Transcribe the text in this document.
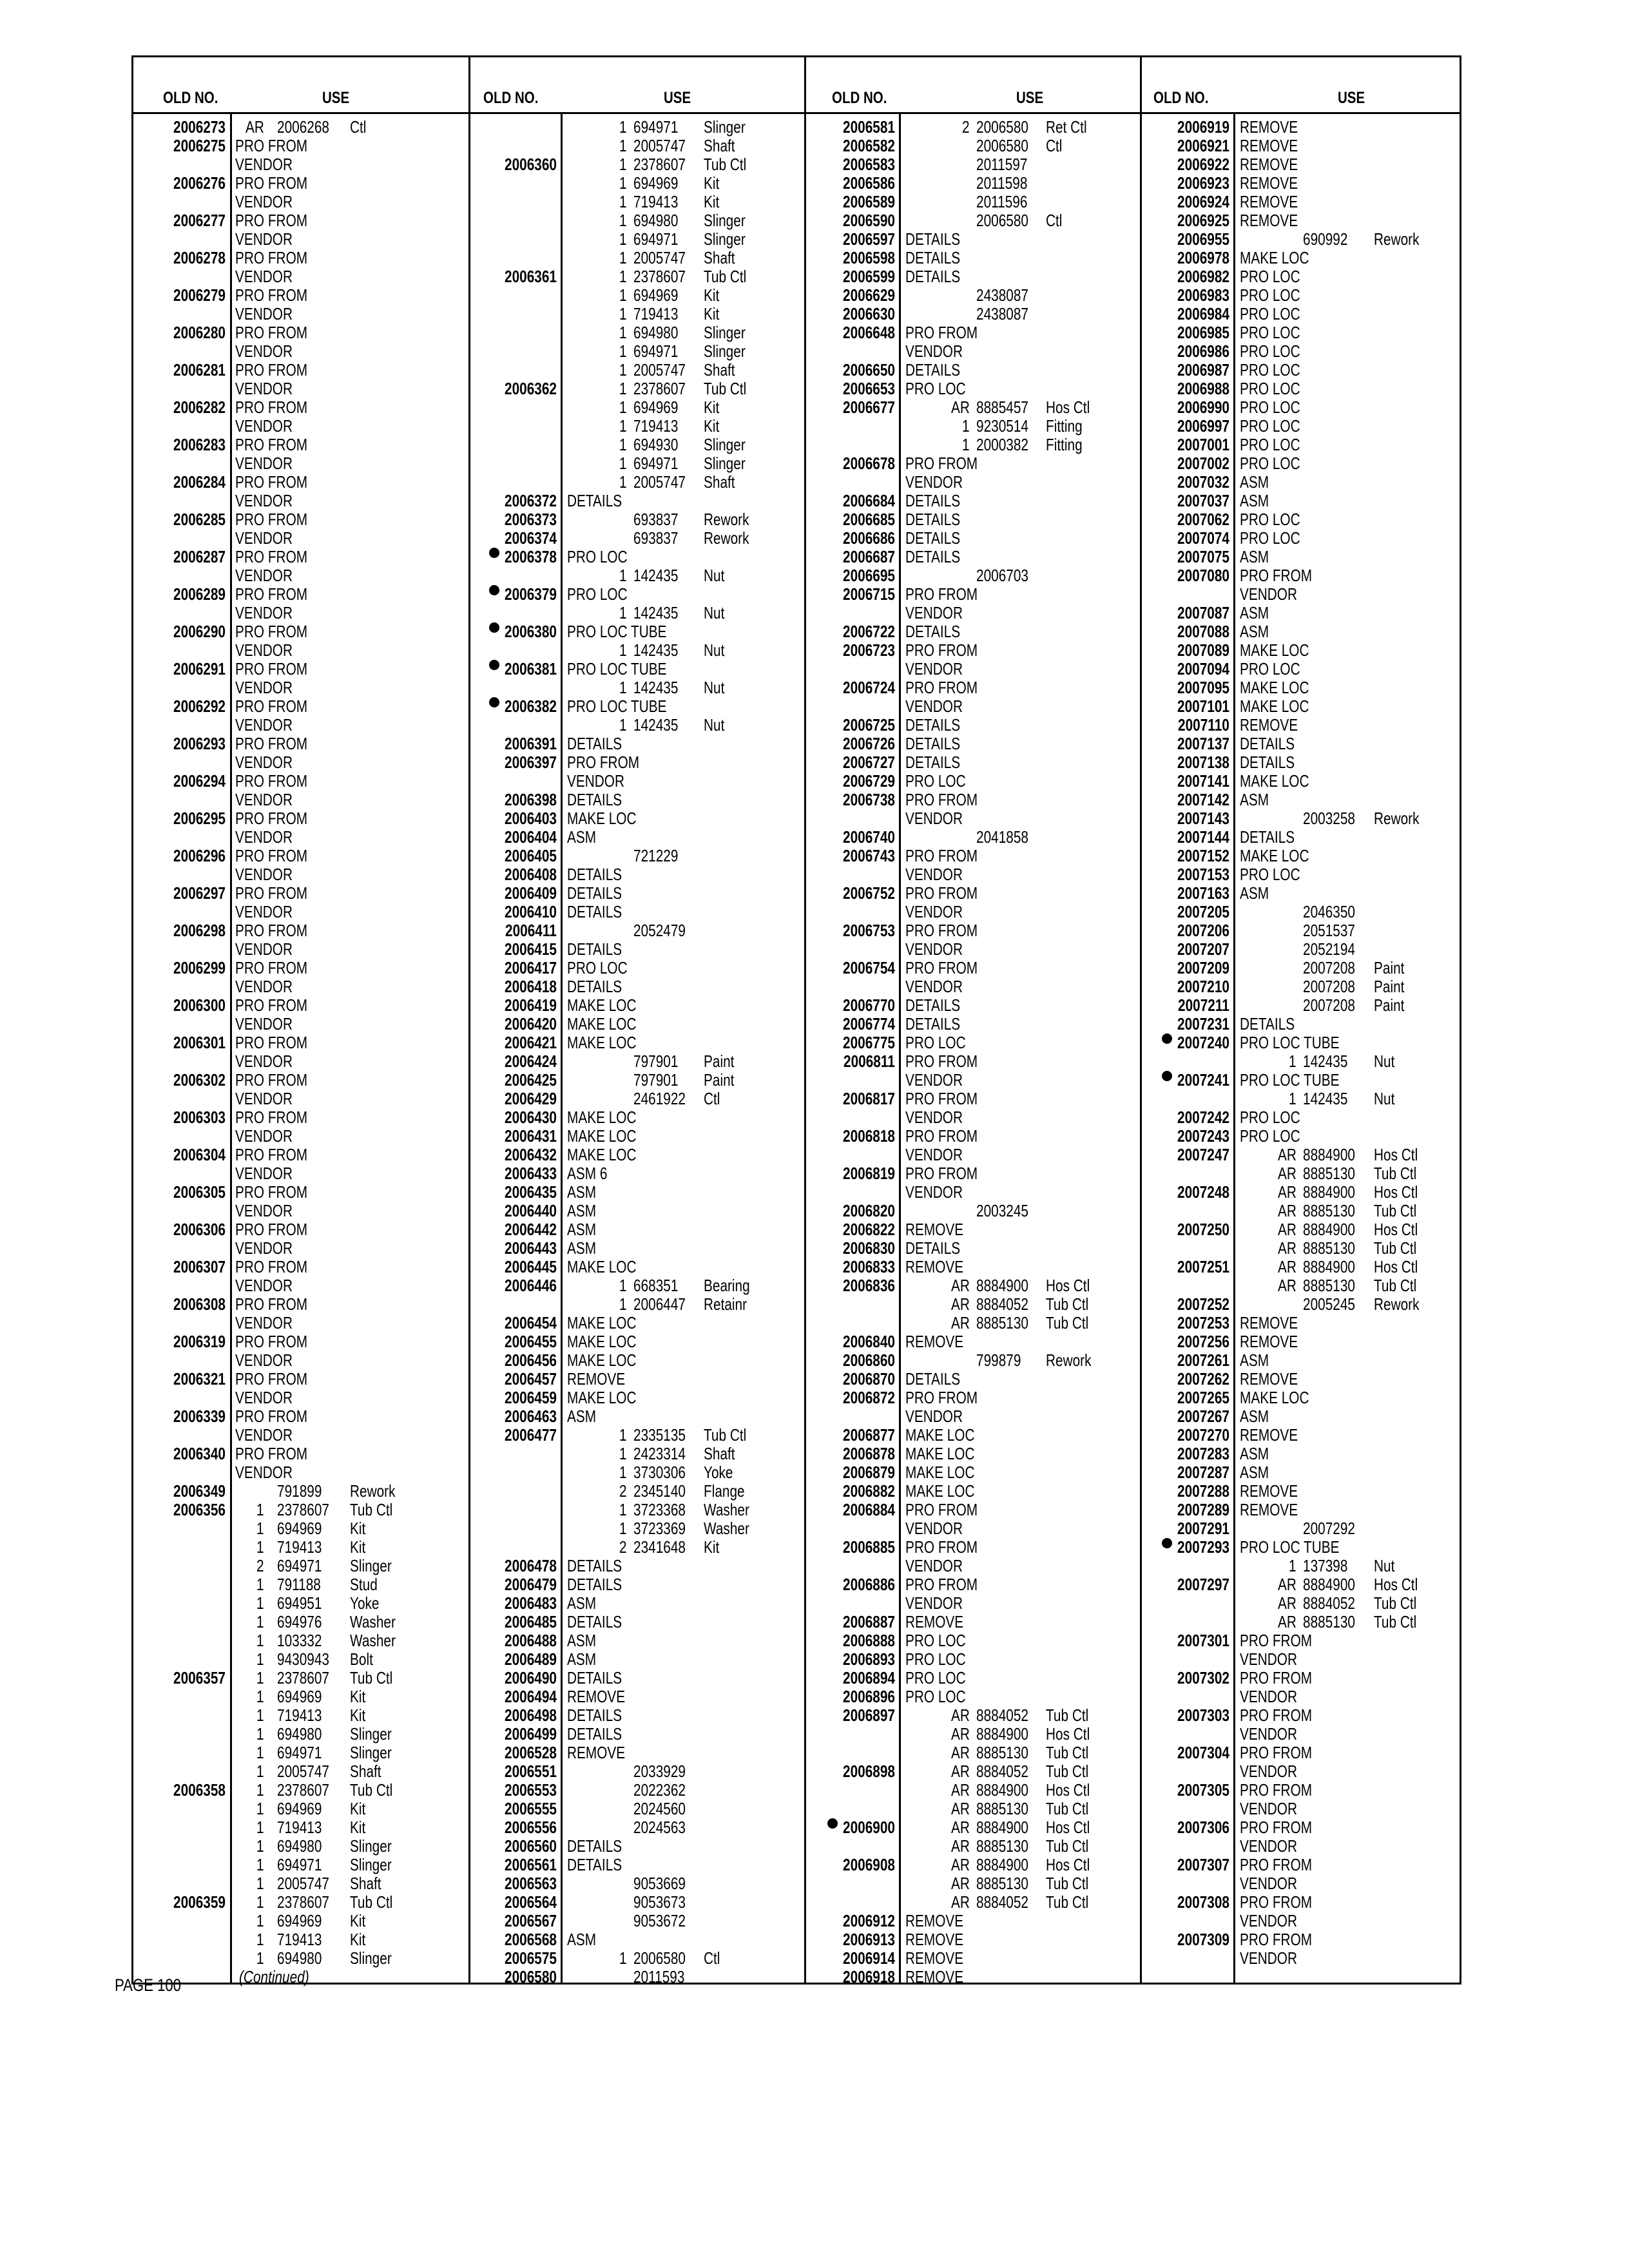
OLD NO.	USE
2006273 AR 2006268 Ctl
2006275 PRO FROM
VENDOR
2006276 PRO FROM
VENDOR
2006277 PRO FROM
VENDOR
2006278 PRO FROM
VENDOR
2006279 PRO FROM
VENDOR
2006280 PRO FROM
VENDOR
2006281 PRO FROM
VENDOR
2006282 PRO FROM
VENDOR
2006283 PRO FROM
VENDOR
2006284 PRO FROM
VENDOR
2006285 PRO FROM
VENDOR
2006287 PRO FROM
VENDOR
2006289 PRO FROM
VENDOR
2006290 PRO FROM
VENDOR
2006291 PRO FROM
VENDOR
2006292 PRO FROM
VENDOR
2006293 PRO FROM
VENDOR
2006294 PRO FROM
VENDOR
2006295 PRO FROM
VENDOR
2006296 PRO FROM
VENDOR
2006297 PRO FROM
VENDOR
2006298 PRO FROM
VENDOR
2006299 PRO FROM
VENDOR
2006300 PRO FROM
VENDOR
2006301 PRO FROM
VENDOR
2006302 PRO FROM
VENDOR
2006303 PRO FROM
VENDOR
2006304 PRO FROM
VENDOR
2006305 PRO FROM
VENDOR
2006306 PRO FROM
VENDOR
2006307 PRO FROM
VENDOR
2006308 PRO FROM
VENDOR
2006319 PRO FROM
VENDOR
2006321 PRO FROM
VENDOR
2006339 PRO FROM
VENDOR
2006340 PRO FROM
VENDOR
2006349	791899 Rework
2006356 1 2378607 Tub Ctl
1 694969 Kit
1 719413 Kit
2 694971 Slinger
1 791188 Stud
1 694951 Yoke
1 694976 Washer
1 103332 Washer
1 9430943 Bolt
2006357 1 2378607 Tub Ctl
1 694969 Kit
1 719413 Kit
1 694980 Slinger
1 694971 Slinger
1 2005747 Shaft
2006358 1 2378607 Tub Ctl
1 694969 Kit
1 719413 Kit
1 694980 Slinger
1 694971 Slinger
1 2005747 Shaft
2006359 1 2378607 Tub Ctl
1 694969 Kit
1 719413 Kit
1 694980 Slinger
(Continued)
OLD NO.	USE
1 694971 Slinger
1 2005747 Shaft
2006360	1 2378607 Tub Ctl
1 694969 Kit
1 719413 Kit
1 694980 Slinger
1 694971 Slinger
1 2005747 Shaft
2006361	1 2378607 Tub Ctl
1 694969 Kit
1 719413 Kit
1 694980 Slinger
1 694971 Slinger
1 2005747 Shaft
2006362	1 2378607 Tub Ctl
1 694969 Kit
1 719413 Kit
1 694930 Slinger
1 694971 Slinger
1 2005747 Shaft
2006372 DETAILS
2006373	693837 Rework
2006374	693837 Rework
2006378 PRO LOC
1 142435 Nut
2006379 PRO LOC
1 142435 Nut
2006380 PRO LOC TUBE
1 142435 Nut
2006381 PRO LOC TUBE
1 142435 Nut
2006382 PRO LOC TUBE
1 142435 Nut
2006391 DETAILS
2006397 PRO FROM
VENDOR
2006398 DETAILS
2006403 MAKE LOC
2006404 ASM
2006405	721229
2006408 DETAILS
2006409 DETAILS
2006410 DETAILS
2006411	2052479
2006415 DETAILS
2006417 PRO LOC
2006418 DETAILS
2006419 MAKE LOC
2006420 MAKE LOC
2006421 MAKE LOC
2006424	797901 Paint
2006425	797901 Paint
2006429	2461922 Ctl
2006430 MAKE LOC
2006431 MAKE LOC
2006432 MAKE LOC
2006433 ASM 6
2006435 ASM
2006440 ASM
2006442 ASM
2006443 ASM
2006445 MAKE LOC
2006446	1 668351 Bearing
1 2006447 Retainr
2006454 MAKE LOC
2006455 MAKE LOC
2006456 MAKE LOC
2006457 REMOVE
2006459 MAKE LOC
2006463 ASM
2006477	1 2335135 Tub Ctl
1 2423314 Shaft
1 3730306 Yoke
2 2345140 Flange
1 3723368 Washer
1 3723369 Washer
2 2341648 Kit
2006478 DETAILS
2006479 DETAILS
2006483 ASM
2006485 DETAILS
2006488 ASM
2006489 ASM
2006490 DETAILS
2006494 REMOVE
2006498 DETAILS
2006499 DETAILS
2006528 REMOVE
2006551	2033929
2006553	2022362
2006555	2024560
2006556	2024563
2006560 DETAILS
2006561 DETAILS
2006563	9053669
2006564	9053673
2006567	9053672
2006568 ASM
2006575	1 2006580 Ctl
2006580	2011593
OLD NO.	USE
2006581	2 2006580 Ret Ctl
2006582	2006580 Ctl
2006583	2011597
2006586	2011598
2006589	2011596
2006590	2006580 Ctl
2006597 DETAILS
2006598 DETAILS
2006599 DETAILS
2006629	2438087
2006630	2438087
2006648 PRO FROM
VENDOR
2006650 DETAILS
2006653 PRO LOC
2006677	AR 8885457 Hos Ctl
1 9230514 Fitting
1 2000382 Fitting
2006678 PRO FROM
VENDOR
2006684 DETAILS
2006685 DETAILS
2006686 DETAILS
2006687 DETAILS
2006695	2006703
2006715 PRO FROM
VENDOR
2006722 DETAILS
2006723 PRO FROM
VENDOR
2006724 PRO FROM
VENDOR
2006725 DETAILS
2006726 DETAILS
2006727 DETAILS
2006729 PRO LOC
2006738 PRO FROM
VENDOR
2006740	2041858
2006743 PRO FROM
VENDOR
2006752 PRO FROM
VENDOR
2006753 PRO FROM
VENDOR
2006754 PRO FROM
VENDOR
2006770 DETAILS
2006774 DETAILS
2006775 PRO LOC
2006811 PRO FROM
VENDOR
2006817 PRO FROM
VENDOR
2006818 PRO FROM
VENDOR
2006819 PRO FROM
VENDOR
2006820	2003245
2006822 REMOVE
2006830 DETAILS
2006833 REMOVE
2006836	AR 8884900 Hos Ctl
AR 8884052 Tub Ctl
AR 8885130 Tub Ctl
2006840 REMOVE
2006860	799879 Rework
2006870 DETAILS
2006872 PRO FROM
VENDOR
2006877 MAKE LOC
2006878 MAKE LOC
2006879 MAKE LOC
2006882 MAKE LOC
2006884 PRO FROM
VENDOR
2006885 PRO FROM
VENDOR
2006886 PRO FROM
VENDOR
2006887 REMOVE
2006888 PRO LOC
2006893 PRO LOC
2006894 PRO LOC
2006896 PRO LOC
2006897	AR 8884052 Tub Ctl
AR 8884900 Hos Ctl
AR 8885130 Tub Ctl
2006898	AR 8884052 Tub Ctl
AR 8884900 Hos Ctl
AR 8885130 Tub Ctl
2006900	AR 8884900 Hos Ctl
AR 8885130 Tub Ctl
2006908	AR 8884900 Hos Ctl
AR 8885130 Tub Ctl
AR 8884052 Tub Ctl
2006912 REMOVE
2006913 REMOVE
2006914 REMOVE
2006918 REMOVE
OLD NO.	USE
2006919 REMOVE
2006921 REMOVE
2006922 REMOVE
2006923 REMOVE
2006924 REMOVE
2006925 REMOVE
2006955	690992 Rework
2006978 MAKE LOC
2006982 PRO LOC
2006983 PRO LOC
2006984 PRO LOC
2006985 PRO LOC
2006986 PRO LOC
2006987 PRO LOC
2006988 PRO LOC
2006990 PRO LOC
2006997 PRO LOC
2007001 PRO LOC
2007002 PRO LOC
2007032 ASM
2007037 ASM
2007062 PRO LOC
2007074 PRO LOC
2007075 ASM
2007080 PRO FROM
VENDOR
2007087 ASM
2007088 ASM
2007089 MAKE LOC
2007094 PRO LOC
2007095 MAKE LOC
2007101 MAKE LOC
2007110 REMOVE
2007137 DETAILS
2007138 DETAILS
2007141 MAKE LOC
2007142 ASM
2007143	2003258 Rework
2007144 DETAILS
2007152 MAKE LOC
2007153 PRO LOC
2007163 ASM
2007205	2046350
2007206	2051537
2007207	2052194
2007209	2007208 Paint
2007210	2007208 Paint
2007211	2007208 Paint
2007231 DETAILS
2007240 PRO LOC TUBE
1 142435 Nut
2007241 PRO LOC TUBE
1 142435 Nut
2007242 PRO LOC
2007243 PRO LOC
2007247	AR 8884900 Hos Ctl
AR 8885130 Tub Ctl
2007248	AR 8884900 Hos Ctl
AR 8885130 Tub Ctl
2007250	AR 8884900 Hos Ctl
AR 8885130 Tub Ctl
2007251	AR 8884900 Hos Ctl
AR 8885130 Tub Ctl
2007252	2005245 Rework
2007253 REMOVE
2007256 REMOVE
2007261 ASM
2007262 REMOVE
2007265 MAKE LOC
2007267 ASM
2007270 REMOVE
2007283 ASM
2007287 ASM
2007288 REMOVE
2007289 REMOVE
2007291	2007292
2007293 PRO LOC TUBE
1 137398 Nut
2007297	AR 8884900 Hos Ctl
AR 8884052 Tub Ctl
AR 8885130 Tub Ctl
2007301 PRO FROM
VENDOR
2007302 PRO FROM
VENDOR
2007303 PRO FROM
VENDOR
2007304 PRO FROM
VENDOR
2007305 PRO FROM
VENDOR
2007306 PRO FROM
VENDOR
2007307 PRO FROM
VENDOR
2007308 PRO FROM
VENDOR
2007309 PRO FROM
VENDOR
PAGE 100
